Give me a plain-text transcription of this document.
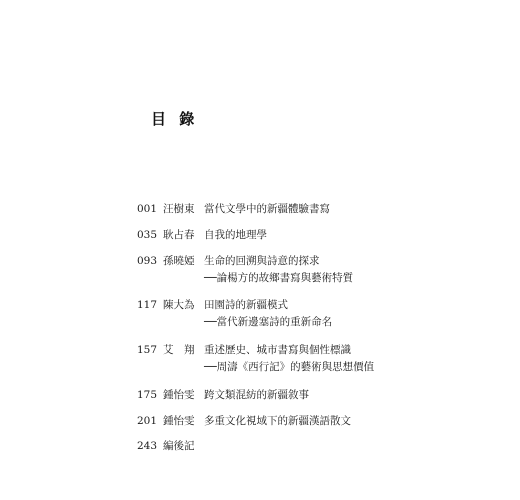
目 錄
001 汪樹東 當代文學中的新疆體驗書寫
035 耿占春 自我的地理學
093 孫曉婭 生命的回溯與詩意的探求
──論楊方的故鄉書寫與藝術特質
117 陳大為 田園詩的新疆模式
──當代新邊塞詩的重新命名
157 艾　翔 重述歷史、城市書寫與個性標識
──周濤《西行記》的藝術與思想價值
175 鍾怡雯 跨文類混紡的新疆敘事
201 鍾怡雯 多重文化視域下的新疆漢語散文
243 編後記
